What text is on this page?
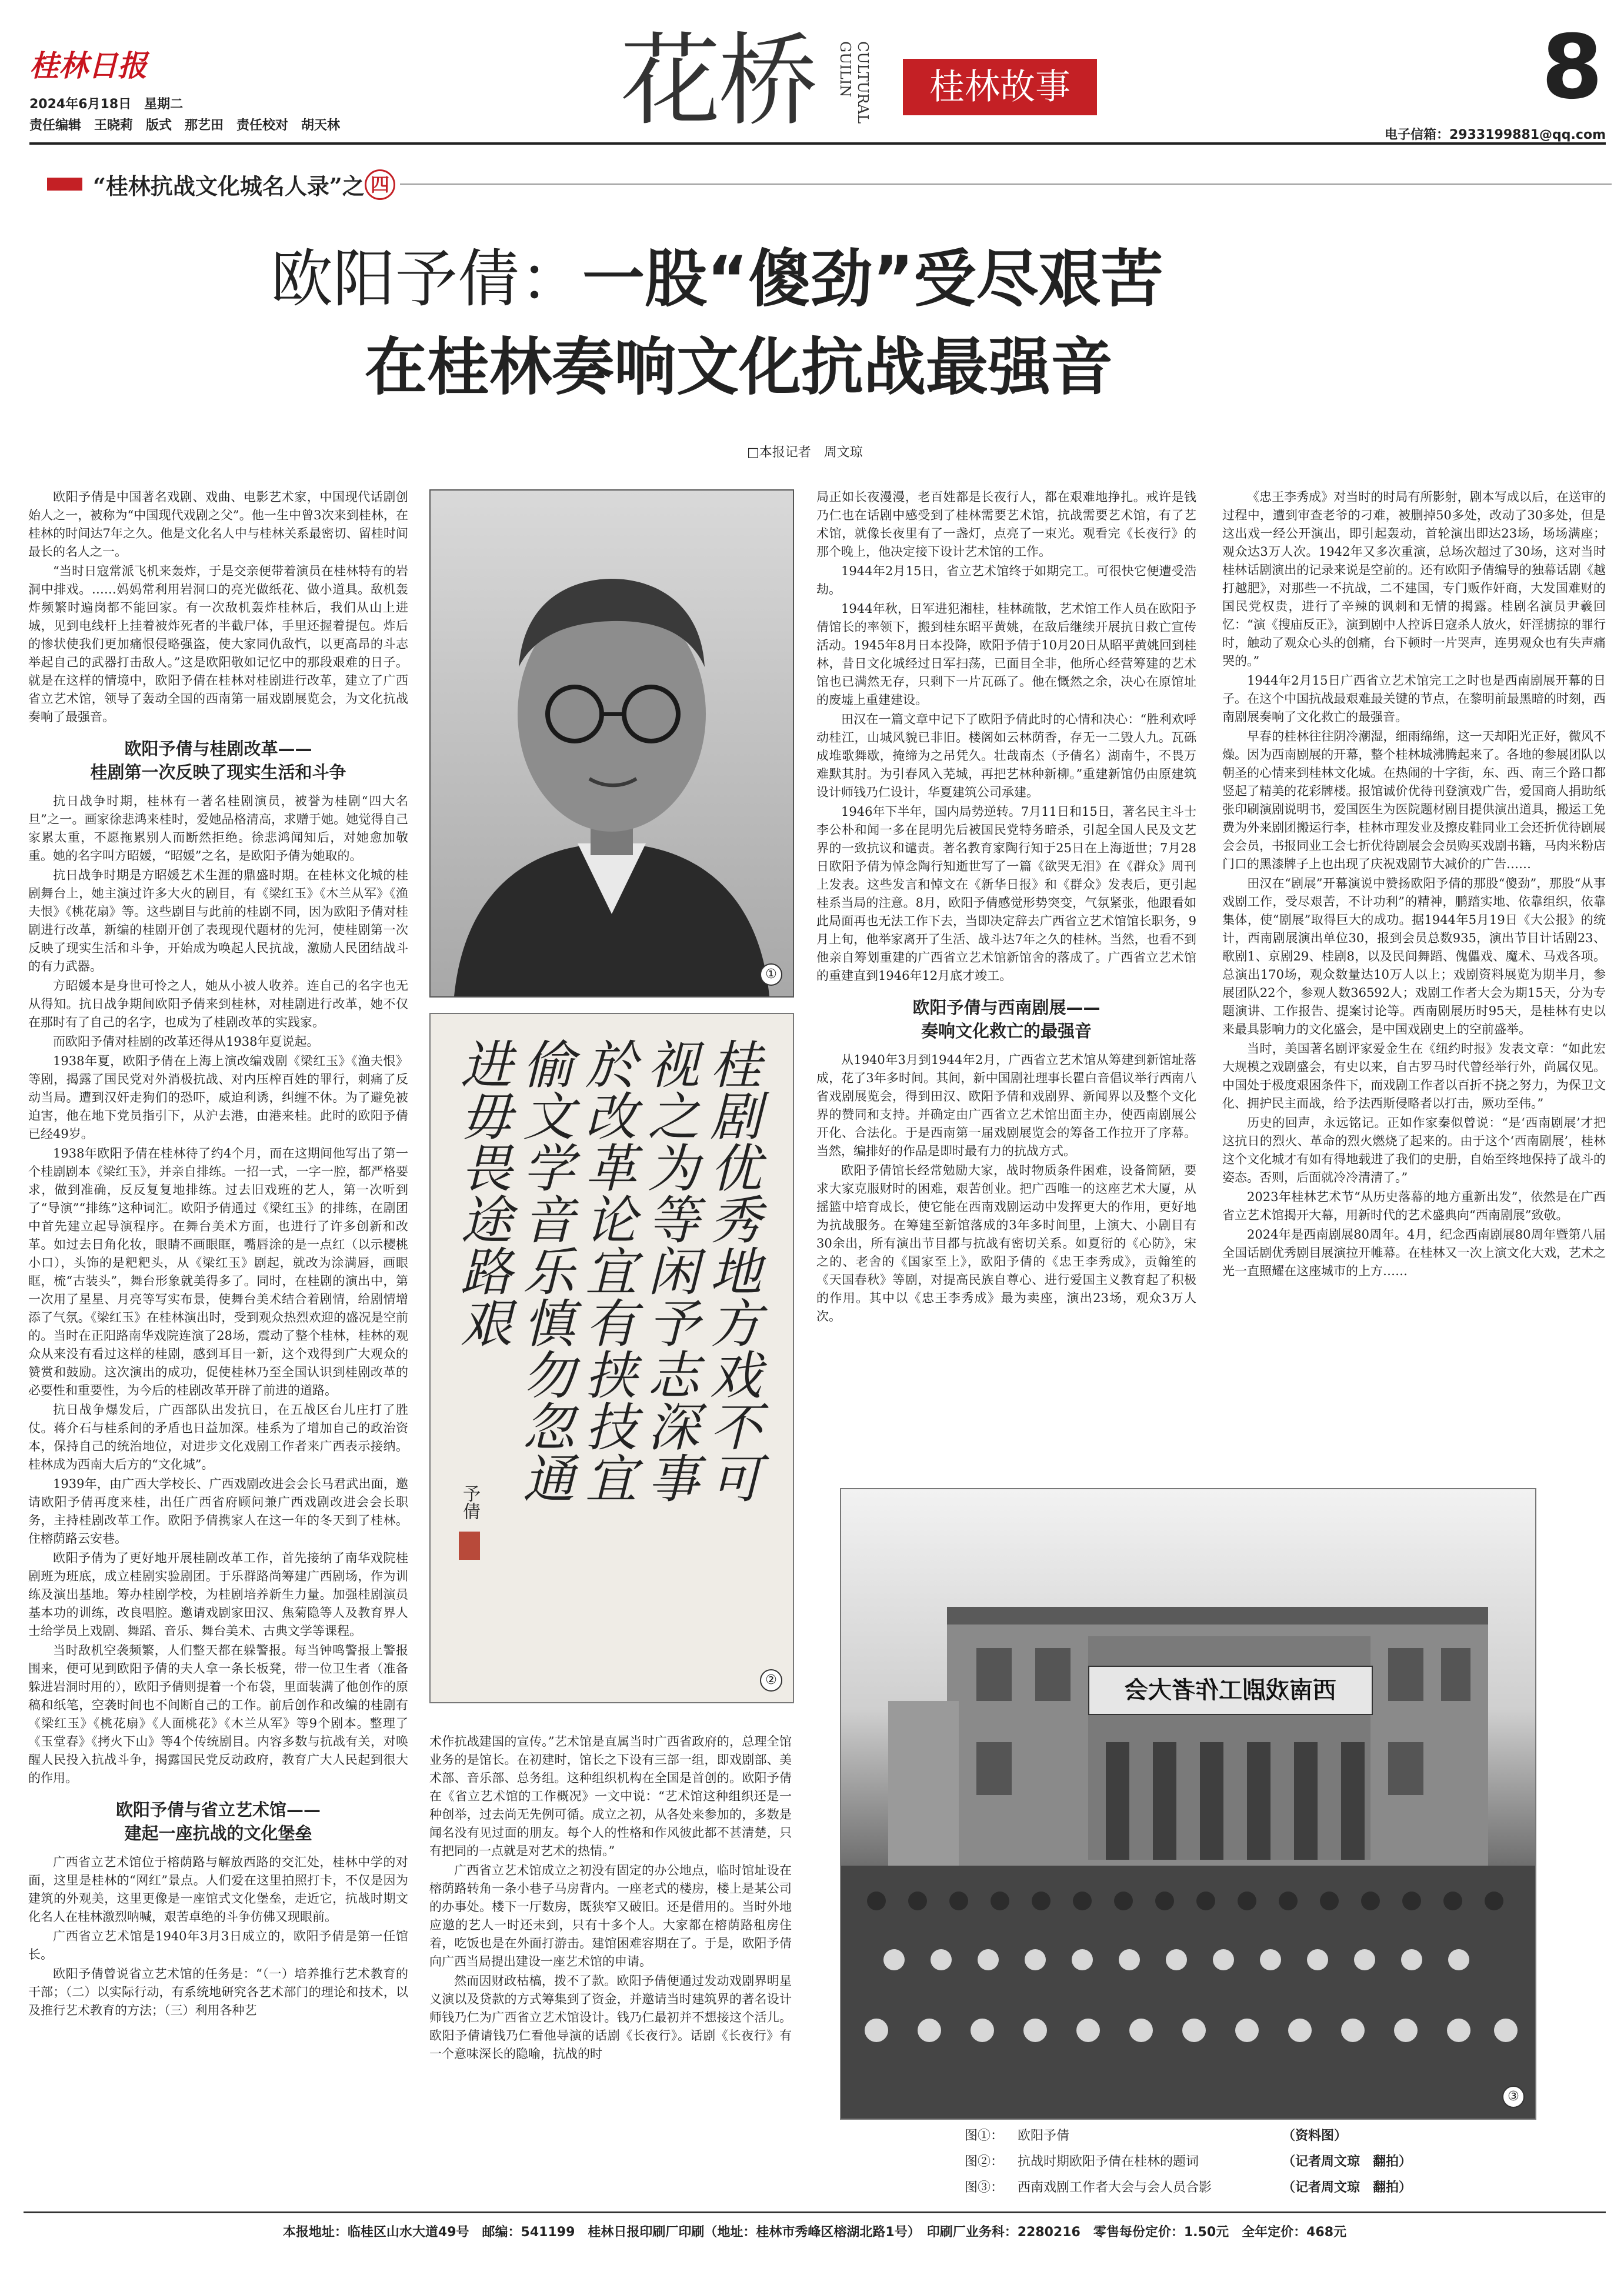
桂林日报
2024年6月18日　星期二
责任编辑　王晓莉　版式　那艺田　责任校对　胡天林	花桥	GUILIN CULTURAL	桂林故事	8
电子信箱：2933199881@qq.com
“桂林抗战文化城名人录”之 四
欧阳予倩：一股“傻劲”受尽艰苦
在桂林奏响文化抗战最强音
□本报记者　周文琼

欧阳予倩是中国著名戏剧、戏曲、电影艺术家，中国现代话剧创始人之一，被称为“中国现代戏剧之父”。他一生中曾3次来到桂林，在桂林的时间达7年之久。他是文化名人中与桂林关系最密切、留桂时间最长的名人之一。

“当时日寇常派飞机来轰炸，于是交亲便带着演员在桂林特有的岩洞中排戏。……妈妈常利用岩洞口的亮光做纸花、做小道具。敌机轰炸频繁时遍岗都不能回家。有一次敌机轰炸桂林后，我们从山上进城，见到电线杆上挂着被炸死者的半截尸体，手里还握着提包。炸后的惨状使我们更加痛恨侵略强盗，使大家同仇敌忾，以更高昂的斗志举起自己的武器打击敌人。”这是欧阳敬如记忆中的那段艰难的日子。就是在这样的情境中，欧阳予倩在桂林对桂剧进行改革，建立了广西省立艺术馆，领导了轰动全国的西南第一届戏剧展览会，为文化抗战奏响了最强音。

欧阳予倩与桂剧改革——
桂剧第一次反映了现实生活和斗争

抗日战争时期，桂林有一著名桂剧演员，被誉为桂剧“四大名旦”之一。画家徐悲鸿来桂时，爱她品格清高，求赠于她。她觉得自己家累太重，不愿拖累别人而断然拒绝。徐悲鸿闻知后，对她愈加敬重。她的名字叫方昭媛，“昭媛”之名，是欧阳予倩为她取的。

抗日战争时期是方昭媛艺术生涯的鼎盛时期。在桂林文化城的桂剧舞台上，她主演过许多大火的剧目，有《梁红玉》《木兰从军》《渔夫恨》《桃花扇》等。这些剧目与此前的桂剧不同，因为欧阳予倩对桂剧进行改革，新编的桂剧开创了表现现代题材的先河，使桂剧第一次反映了现实生活和斗争，开始成为唤起人民抗战，激励人民团结战斗的有力武器。

方昭媛本是身世可怜之人，她从小被人收养。连自己的名字也无从得知。抗日战争期间欧阳予倩来到桂林，对桂剧进行改革，她不仅在那时有了自己的名字，也成为了桂剧改革的实践家。

而欧阳予倩对桂剧的改革还得从1938年夏说起。

1938年夏，欧阳予倩在上海上演改编戏剧《梁红玉》《渔夫恨》等剧，揭露了国民党对外消极抗战、对内压榨百姓的罪行，刺痛了反动当局。遭到汉奸走狗们的恐吓，威迫利诱，纠缠不休。为了避免被迫害，他在地下党员指引下，从沪去港，由港来桂。此时的欧阳予倩已经49岁。

1938年欧阳予倩在桂林待了约4个月，而在这期间他写出了第一个桂剧剧本《梁红玉》，并亲自排练。一招一式，一字一腔，都严格要求，做到准确，反反复复地排练。过去旧戏班的艺人，第一次听到了“导演”“排练”这种词汇。欧阳予倩通过《梁红玉》的排练，在剧团中首先建立起导演程序。在舞台美术方面，也进行了许多创新和改革。如过去日角化妆，眼睛不画眼眶，嘴唇涂的是一点红（以示樱桃小口），头饰的是粑粑头，从《梁红玉》剧起，就改为涂满唇，画眼眶，梳“古装头”，舞台形象就美得多了。同时，在桂剧的演出中，第一次用了星星、月亮等写实布景，使舞台美术结合着剧情，给剧情增添了气氛。《梁红玉》在桂林演出时，受到观众热烈欢迎的盛况是空前的。当时在正阳路南华戏院连演了28场，震动了整个桂林，桂林的观众从来没有看过这样的桂剧，感到耳目一新，这个戏得到广大观众的赞赏和鼓励。这次演出的成功，促使桂林乃至全国认识到桂剧改革的必要性和重要性，为今后的桂剧改革开辟了前进的道路。

抗日战争爆发后，广西部队出发抗日，在五战区台儿庄打了胜仗。蒋介石与桂系间的矛盾也日益加深。桂系为了增加自己的政治资本，保持自己的统治地位，对进步文化戏剧工作者来广西表示接纳。桂林成为西南大后方的“文化城”。

1939年，由广西大学校长、广西戏剧改进会会长马君武出面，邀请欧阳予倩再度来桂，出任广西省府顾问兼广西戏剧改进会会长职务，主持桂剧改革工作。欧阳予倩携家人在这一年的冬天到了桂林。住榕荫路云安巷。

欧阳予倩为了更好地开展桂剧改革工作，首先接纳了南华戏院桂剧班为班底，成立桂剧实验剧团。于乐群路尚筹建广西剧场，作为训练及演出基地。筹办桂剧学校，为桂剧培养新生力量。加强桂剧演员基本功的训练，改良唱腔。邀请戏剧家田汉、焦菊隐等人及教育界人士给学员上戏剧、舞蹈、音乐、舞台美术、古典文学等课程。

当时敌机空袭频繁，人们整天都在躲警报。每当钟鸣警报上警报围来，便可见到欧阳予倩的夫人拿一条长板凳，带一位卫生者（准备躲进岩洞时用的），欧阳予倩则提着一个布袋，里面装满了他创作的原稿和纸笔，空袭时间也不间断自己的工作。前后创作和改编的桂剧有《梁红玉》《桃花扇》《人面桃花》《木兰从军》等9个剧本。整理了《玉堂春》《拷火下山》等4个传统剧目。内容多数与抗战有关，对唤醒人民投入抗战斗争，揭露国民党反动政府，教育广大人民起到很大的作用。

欧阳予倩与省立艺术馆——
建起一座抗战的文化堡垒

广西省立艺术馆位于榕荫路与解放西路的交汇处，桂林中学的对面，这里是桂林的“网红”景点。人们爱在这里拍照打卡，不仅是因为建筑的外观美，这里更像是一座馆式文化堡垒，走近它，抗战时期文化名人在桂林激烈呐喊，艰苦卓绝的斗争仿佛又现眼前。

广西省立艺术馆是1940年3月3日成立的，欧阳予倩是第一任馆长。

欧阳予倩曾说省立艺术馆的任务是：“（一）培养推行艺术教育的干部；（二）以实际行动，有系统地研究各艺术部门的理论和技术，以及推行艺术教育的方法；（三）利用各种艺

①
桂剧优秀地方戏不可
视之为等闲予志深事
於改革论宜有挟技宜
偷文学音乐慎勿忽通
进毋畏途路艰
予倩
②

术作抗战建国的宣传。”艺术馆是直属当时广西省政府的，总理全馆业务的是馆长。在初建时，馆长之下设有三部一组，即戏剧部、美术部、音乐部、总务组。这种组织机构在全国是首创的。欧阳予倩在《省立艺术馆的工作概况》一文中说：“艺术馆这种组织还是一种创举，过去尚无先例可循。成立之初，从各处来参加的，多数是闻名没有见过面的朋友。每个人的性格和作风彼此都不甚清楚，只有把同的一点就是对艺术的热情。”

广西省立艺术馆成立之初没有固定的办公地点，临时馆址设在榕荫路转角一条小巷子马房背内。一座老式的楼房，楼上是某公司的办事处。楼下一厅数房，既狭窄又破旧。还是借用的。当时外地应邀的艺人一时还未到，只有十多个人。大家都在榕荫路租房住着，吃饭也是在外面打游击。建馆困难容期在了。于是，欧阳予倩向广西当局提出建设一座艺术馆的申请。

然而因财政枯槁，拨不了款。欧阳予倩便通过发动戏剧界明星义演以及贷款的方式筹集到了资金，并邀请当时建筑界的著名设计师钱乃仁为广西省立艺术馆设计。钱乃仁最初并不想接这个活儿。欧阳予倩请钱乃仁看他导演的话剧《长夜行》。话剧《长夜行》有一个意味深长的隐喻，抗战的时

局正如长夜漫漫，老百姓都是长夜行人，都在艰难地挣扎。戒许是钱乃仁也在话剧中感受到了桂林需要艺术馆，抗战需要艺术馆，有了艺术馆，就像长夜里有了一盏灯，点亮了一束光。观看完《长夜行》的那个晚上，他决定接下设计艺术馆的工作。

1944年2月15日，省立艺术馆终于如期完工。可很快它便遭受浩劫。

1944年秋，日军进犯湘桂，桂林疏散，艺术馆工作人员在欧阳予倩馆长的率领下，搬到桂东昭平黄姚，在敌后继续开展抗日救亡宣传活动。1945年8月日本投降，欧阳予倩于10月20日从昭平黄姚回到桂林，昔日文化城经过日军扫荡，已面目全非，他所心经营筹建的艺术馆也已满然无存，只剩下一片瓦砾了。他在慨然之余，决心在原馆址的废墟上重建建设。

田汉在一篇文章中记下了欧阳予倩此时的心情和决心：“胜利欢呼动桂江，山城风貌已非旧。楼阁如云林荫香，存无一二毁人九。瓦砾成堆歌舞歇，掩缔为之吊凭久。壮哉南杰（予倩名）湖南牛，不畏万难默其肘。为引春风入芜城，再把艺林种新柳。”重建新馆仍由原建筑设计师钱乃仁设计，华夏建筑公司承建。

1946年下半年，国内局势逆转。7月11日和15日，著名民主斗士李公朴和闻一多在昆明先后被国民党特务暗杀，引起全国人民及文艺界的一致抗议和谴责。著名教育家陶行知于25日在上海逝世；7月28日欧阳予倩为悼念陶行知逝世写了一篇《欲哭无泪》在《群众》周刊上发表。这些发言和悼文在《新华日报》和《群众》发表后，更引起桂系当局的注意。8月，欧阳予倩感觉形势突变，气氛紧张，他跟看如此局面再也无法工作下去，当即决定辞去广西省立艺术馆馆长职务，9月上旬，他举家离开了生活、战斗达7年之久的桂林。当然，也看不到他亲自筹划重建的广西省立艺术馆新馆舍的落成了。广西省立艺术馆的重建直到1946年12月底才竣工。

欧阳予倩与西南剧展——
奏响文化救亡的最强音

从1940年3月到1944年2月，广西省立艺术馆从筹建到新馆址落成，花了3年多时间。其间，新中国剧社理事长瞿白音倡议举行西南八省戏剧展览会，得到田汉、欧阳予倩和戏剧界、新闻界以及整个文化界的赞同和支持。并确定由广西省立艺术馆出面主办，使西南剧展公开化、合法化。于是西南第一届戏剧展览会的筹备工作拉开了序幕。当然，编排好的作品是即时最有力的抗战方式。

欧阳予倩馆长经常勉励大家，战时物质条件困难，设备简陋，要求大家克服财时的困难，艰苦创业。把广西唯一的这座艺术大厦，从摇篮中培育成长，使它能在西南戏剧运动中发挥更大的作用，更好地为抗战服务。在筹建至新馆落成的3年多时间里，上演大、小剧目有30余出，所有演出节目都与抗战有密切关系。如夏衍的《心防》，宋之的、老舍的《国家至上》，欧阳予倩的《忠王李秀成》，贡翰笙的《天国春秋》等剧，对提高民族自尊心、进行爱国主义教育起了积极的作用。其中以《忠王李秀成》最为卖座，演出23场，观众3万人次。

《忠王李秀成》对当时的时局有所影射，剧本写成以后，在送审的过程中，遭到审查老爷的刁难，被删掉50多处，改动了30多处，但是这出戏一经公开演出，即引起轰动，首轮演出即达23场，场场满座；观众达3万人次。1942年又多次重演，总场次超过了30场，这对当时桂林话剧演出的记录来说是空前的。还有欧阳予倩编导的独幕话剧《越打越肥》，对那些一不抗战，二不建国，专门贩作奸商，大发国难财的国民党权贵，进行了辛辣的讽刺和无情的揭露。桂剧名演员尹羲回忆：“演《搜庙反正》，演到剧中人控诉日寇杀人放火，奸淫掳掠的罪行时，触动了观众心头的创痛，台下顿时一片哭声，连男观众也有失声痛哭的。”

1944年2月15日广西省立艺术馆完工之时也是西南剧展开幕的日子。在这个中国抗战最艰难最关键的节点，在黎明前最黑暗的时刻，西南剧展奏响了文化救亡的最强音。

早春的桂林往往阴冷潮湿，细雨绵绵，这一天却阳光正好，微风不燥。因为西南剧展的开幕，整个桂林城沸腾起来了。各地的参展团队以朝圣的心情来到桂林文化城。在热闹的十字街，东、西、南三个路口都竖起了精美的花彩牌楼。报馆诚价优待刊登演戏广告，爱国商人捐助纸张印刷演剧说明书，爱国医生为医院题材剧目提供演出道具，搬运工免费为外来剧团搬运行李，桂林市理发业及擦皮鞋同业工会还折优待剧展会会员，书报同业工会七折优待剧展会会员购买戏剧书籍，马肉米粉店门口的黑漆牌子上也出现了庆祝戏剧节大减价的广告……

田汉在“剧展”开幕演说中赞扬欧阳予倩的那股“傻劲”，那股“从事戏剧工作，受尽艰苦，不计功利”的精神，鹏踏实地、依靠组织，依靠集体，使“剧展”取得巨大的成功。据1944年5月19日《大公报》的统计，西南剧展演出单位30，报到会员总数935，演出节目计话剧23、歌剧1、京剧29、桂剧8，以及民间舞蹈、傀儡戏、魔术、马戏各项。总演出170场，观众数量达10万人以上；戏剧资料展览为期半月，参展团队22个，参观人数36592人；戏剧工作者大会为期15天，分为专题演讲、工作报告、提案讨论等。西南剧展历时95天，是桂林有史以来最具影响力的文化盛会，是中国戏剧史上的空前盛举。

当时，美国著名剧评家爱金生在《纽约时报》发表文章：“如此宏大规模之戏剧盛会，有史以来，自古罗马时代曾经举行外，尚属仅见。中国处于极度艰困条件下，而戏剧工作者以百折不挠之努力，为保卫文化、拥护民主而战，给予法西斯侵略者以打击，厥功至伟。”

历史的回声，永远铭记。正如作家秦似曾说：“是‘西南剧展’才把这抗日的烈火、革命的烈火燃烧了起来的。由于这个‘西南剧展’，桂林这个文化城才有如有得地载进了我们的史册，自始至终地保持了战斗的姿态。否则，后面就冷冷清清了。”

2023年桂林艺术节“从历史落幕的地方重新出发”，依然是在广西省立艺术馆揭开大幕，用新时代的艺术盛典向“西南剧展”致敬。

2024年是西南剧展80周年。4月，纪念西南剧展80周年暨第八届全国话剧优秀剧目展演拉开帷幕。在桂林又一次上演文化大戏，艺术之光一直照耀在这座城市的上方……

西南戏剧工作者大会
③
图①：	欧阳予倩	（资料图）
图②：	抗战时期欧阳予倩在桂林的题词	（记者周文琼　翻拍）
图③：	西南戏剧工作者大会与会人员合影	（记者周文琼　翻拍）
本报地址：临桂区山水大道49号　邮编：541199　桂林日报印刷厂印刷（地址：桂林市秀峰区榕湖北路1号）　印刷厂业务科：2280216　零售每份定价：1.50元　全年定价：468元
